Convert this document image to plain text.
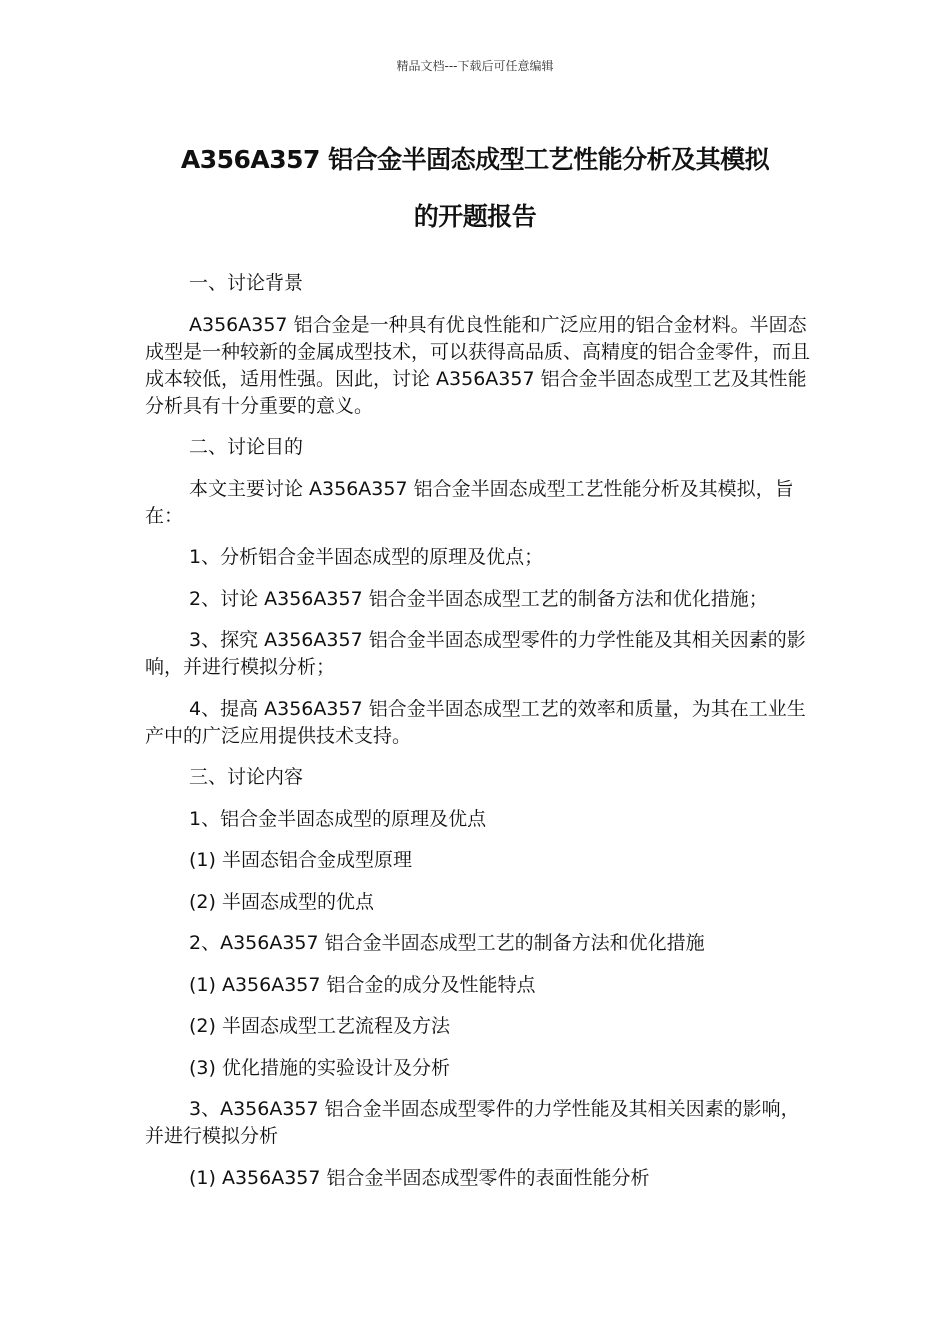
精品文档---下载后可任意编辑
A356A357 铝合金半固态成型工艺性能分析及其模拟
的开题报告

一、讨论背景

A356A357 铝合金是一种具有优良性能和广泛应用的铝合金材料。半固态成型是一种较新的金属成型技术，可以获得高品质、高精度的铝合金零件，而且成本较低，适用性强。因此，讨论 A356A357 铝合金半固态成型工艺及其性能分析具有十分重要的意义。

二、讨论目的

本文主要讨论 A356A357 铝合金半固态成型工艺性能分析及其模拟，旨在：

1、分析铝合金半固态成型的原理及优点；

2、讨论 A356A357 铝合金半固态成型工艺的制备方法和优化措施；

3、探究 A356A357 铝合金半固态成型零件的力学性能及其相关因素的影响，并进行模拟分析；

4、提高 A356A357 铝合金半固态成型工艺的效率和质量，为其在工业生产中的广泛应用提供技术支持。

三、讨论内容

1、铝合金半固态成型的原理及优点

(1) 半固态铝合金成型原理

(2) 半固态成型的优点

2、A356A357 铝合金半固态成型工艺的制备方法和优化措施

(1) A356A357 铝合金的成分及性能特点

(2) 半固态成型工艺流程及方法

(3) 优化措施的实验设计及分析

3、A356A357 铝合金半固态成型零件的力学性能及其相关因素的影响，并进行模拟分析

(1) A356A357 铝合金半固态成型零件的表面性能分析
